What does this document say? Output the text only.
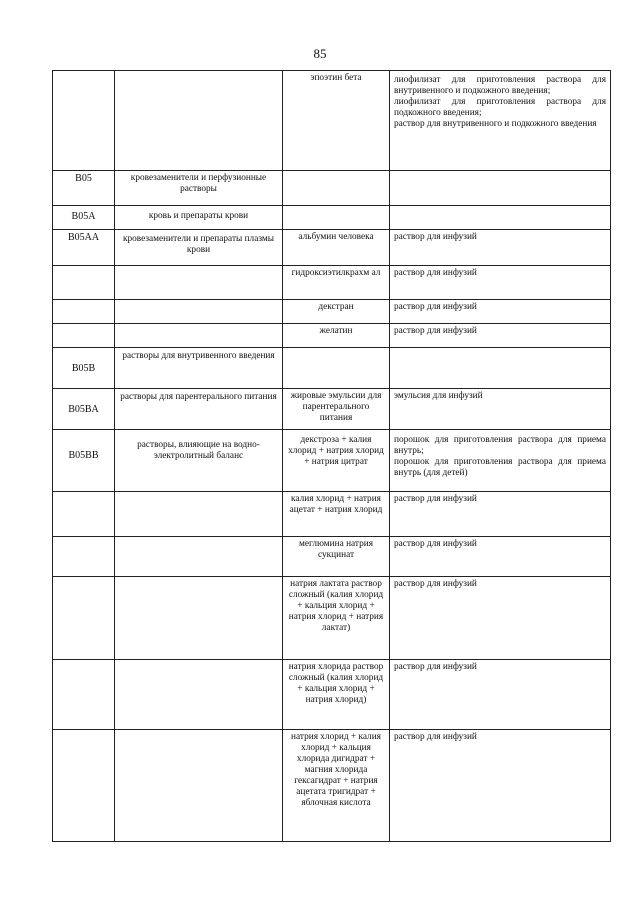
85
		эпоэтин бета	лиофилизат для приготовления раствора для внутривенного и подкожного введения;
лиофилизат для приготовления раствора для подкожного введения;
раствор для внутривенного и подкожного введения

B05	кровезаменители и перфузионные растворы		
B05A	кровь и препараты крови		
B05AA	кровезаменители и препараты плазмы крови	альбумин человека	раствор для инфузий

		гидроксиэтилкрахм ал	раствор для инфузий

		декстран	раствор для инфузий

		желатин	раствор для инфузий

B05B	растворы для внутривенного введения		
B05BA	растворы для парентерального питания	жировые эмульсии для парентерального питания	эмульсия для инфузий

B05BB	растворы, влияющие на водно-электролитный баланс	декстроза + калия хлорид + натрия хлорид + натрия цитрат	порошок для приготовления раствора для приема внутрь;
порошок для приготовления раствора для приема внутрь (для детей)

		калия хлорид + натрия ацетат + натрия хлорид	раствор для инфузий

		меглюмина натрия сукцинат	раствор для инфузий

		натрия лактата раствор сложный (калия хлорид + кальция хлорид + натрия хлорид + натрия лактат)	раствор для инфузий

		натрия хлорида раствор сложный (калия хлорид + кальция хлорид + натрия хлорид)	раствор для инфузий

		натрия хлорид + калия хлорид + кальция хлорида дигидрат + магния хлорида гексагидрат + натрия ацетата тригидрат + яблочная кислота	раствор для инфузий
